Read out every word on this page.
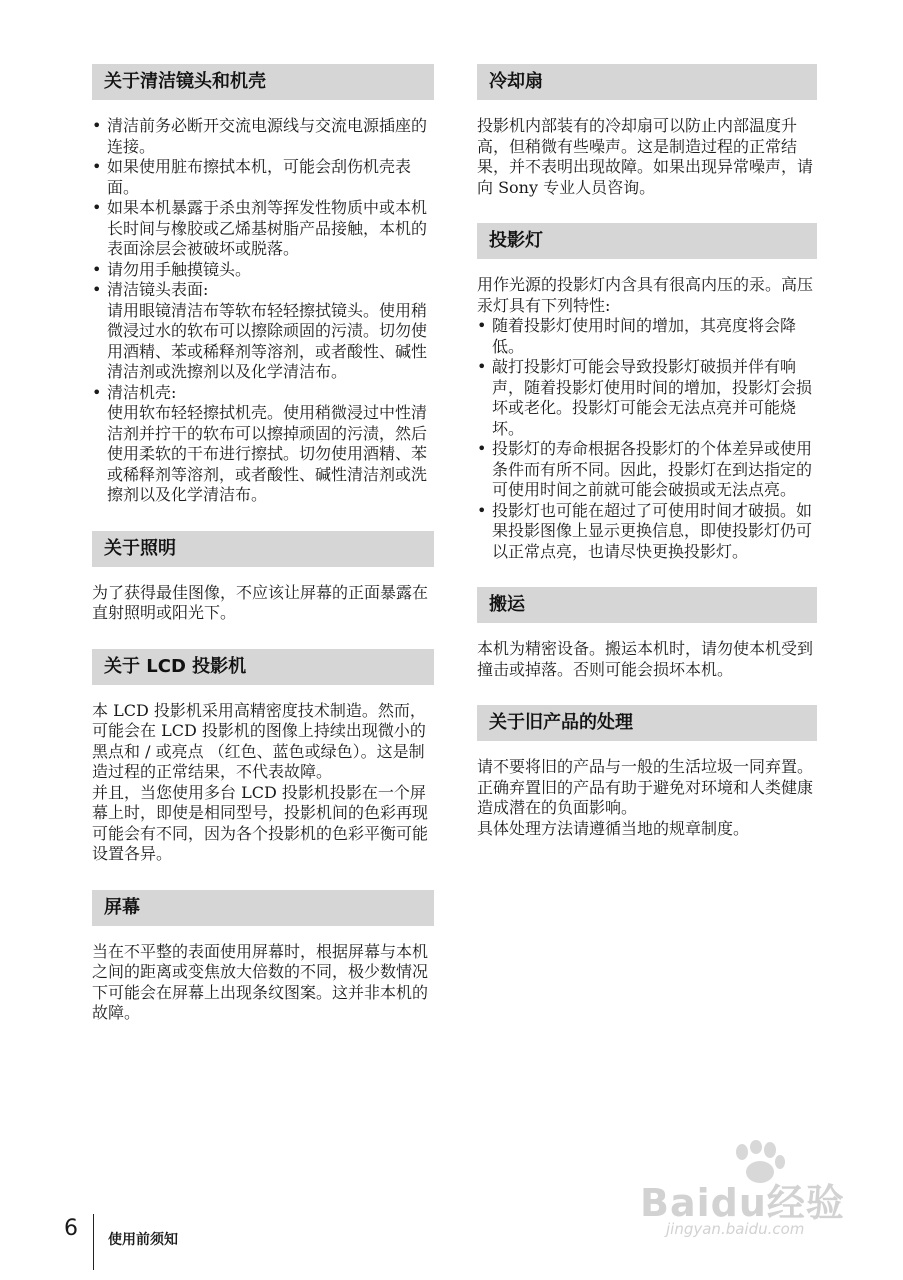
关于清洁镜头和机壳
• 清洁前务必断开交流电源线与交流电源插座的连接。
• 如果使用脏布擦拭本机，可能会刮伤机壳表面。
• 如果本机暴露于杀虫剂等挥发性物质中或本机长时间与橡胶或乙烯基树脂产品接触，本机的表面涂层会被破坏或脱落。
• 请勿用手触摸镜头。
• 清洁镜头表面:
请用眼镜清洁布等软布轻轻擦拭镜头。使用稍微浸过水的软布可以擦除顽固的污渍。切勿使用酒精、苯或稀释剂等溶剂，或者酸性、碱性清洁剂或洗擦剂以及化学清洁布。
• 清洁机壳:
使用软布轻轻擦拭机壳。使用稍微浸过中性清洁剂并拧干的软布可以擦掉顽固的污渍，然后使用柔软的干布进行擦拭。切勿使用酒精、苯或稀释剂等溶剂，或者酸性、碱性清洁剂或洗擦剂以及化学清洁布。
关于照明

为了获得最佳图像，不应该让屏幕的正面暴露在直射照明或阳光下。

关于 LCD 投影机

本 LCD 投影机采用高精密度技术制造。然而，可能会在 LCD 投影机的图像上持续出现微小的黑点和 / 或亮点 （红色、蓝色或绿色）。这是制造过程的正常结果，不代表故障。

并且，当您使用多台 LCD 投影机投影在一个屏幕上时，即使是相同型号，投影机间的色彩再现可能会有不同，因为各个投影机的色彩平衡可能设置各异。

屏幕

当在不平整的表面使用屏幕时，根据屏幕与本机之间的距离或变焦放大倍数的不同，极少数情况下可能会在屏幕上出现条纹图案。这并非本机的故障。

冷却扇

投影机内部装有的冷却扇可以防止内部温度升高，但稍微有些噪声。这是制造过程的正常结果，并不表明出现故障。如果出现异常噪声，请向 Sony 专业人员咨询。

投影灯

用作光源的投影灯内含具有很高内压的汞。高压汞灯具有下列特性:

• 随着投影灯使用时间的增加，其亮度将会降低。
• 敲打投影灯可能会导致投影灯破损并伴有响声，随着投影灯使用时间的增加，投影灯会损坏或老化。投影灯可能会无法点亮并可能烧坏。
• 投影灯的寿命根据各投影灯的个体差异或使用条件而有所不同。因此，投影灯在到达指定的可使用时间之前就可能会破损或无法点亮。
• 投影灯也可能在超过了可使用时间才破损。如果投影图像上显示更换信息，即使投影灯仍可以正常点亮，也请尽快更换投影灯。
搬运

本机为精密设备。搬运本机时，请勿使本机受到撞击或掉落。否则可能会损坏本机。

关于旧产品的处理

请不要将旧的产品与一般的生活垃圾一同弃置。

正确弃置旧的产品有助于避免对环境和人类健康造成潜在的负面影响。

具体处理方法请遵循当地的规章制度。

6 使用前须知
Baidu经验
jingyan.baidu.com
